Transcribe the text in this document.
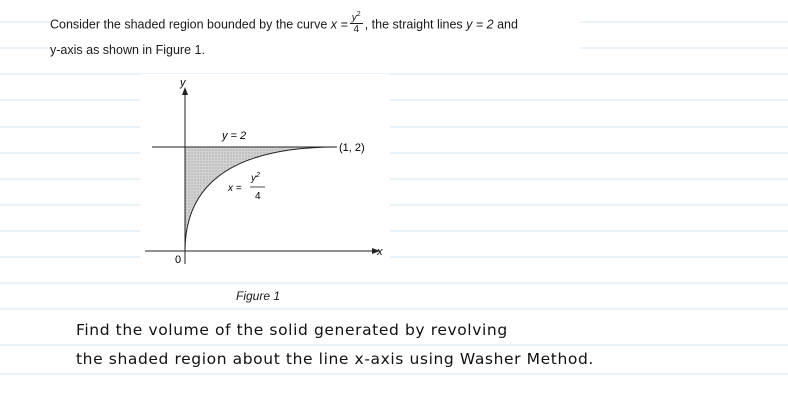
Consider the shaded region bounded by the curve $x = \frac{y^2}{4}$ , the straight lines y = 2 and
y-axis as shown in Figure 1.
y
x
0
y = 2
(1, 2)
x =
$y^2$
4
Figure 1
Find the volume of the solid generated by revolving
the shaded region about the line x-axis using Washer Method.
